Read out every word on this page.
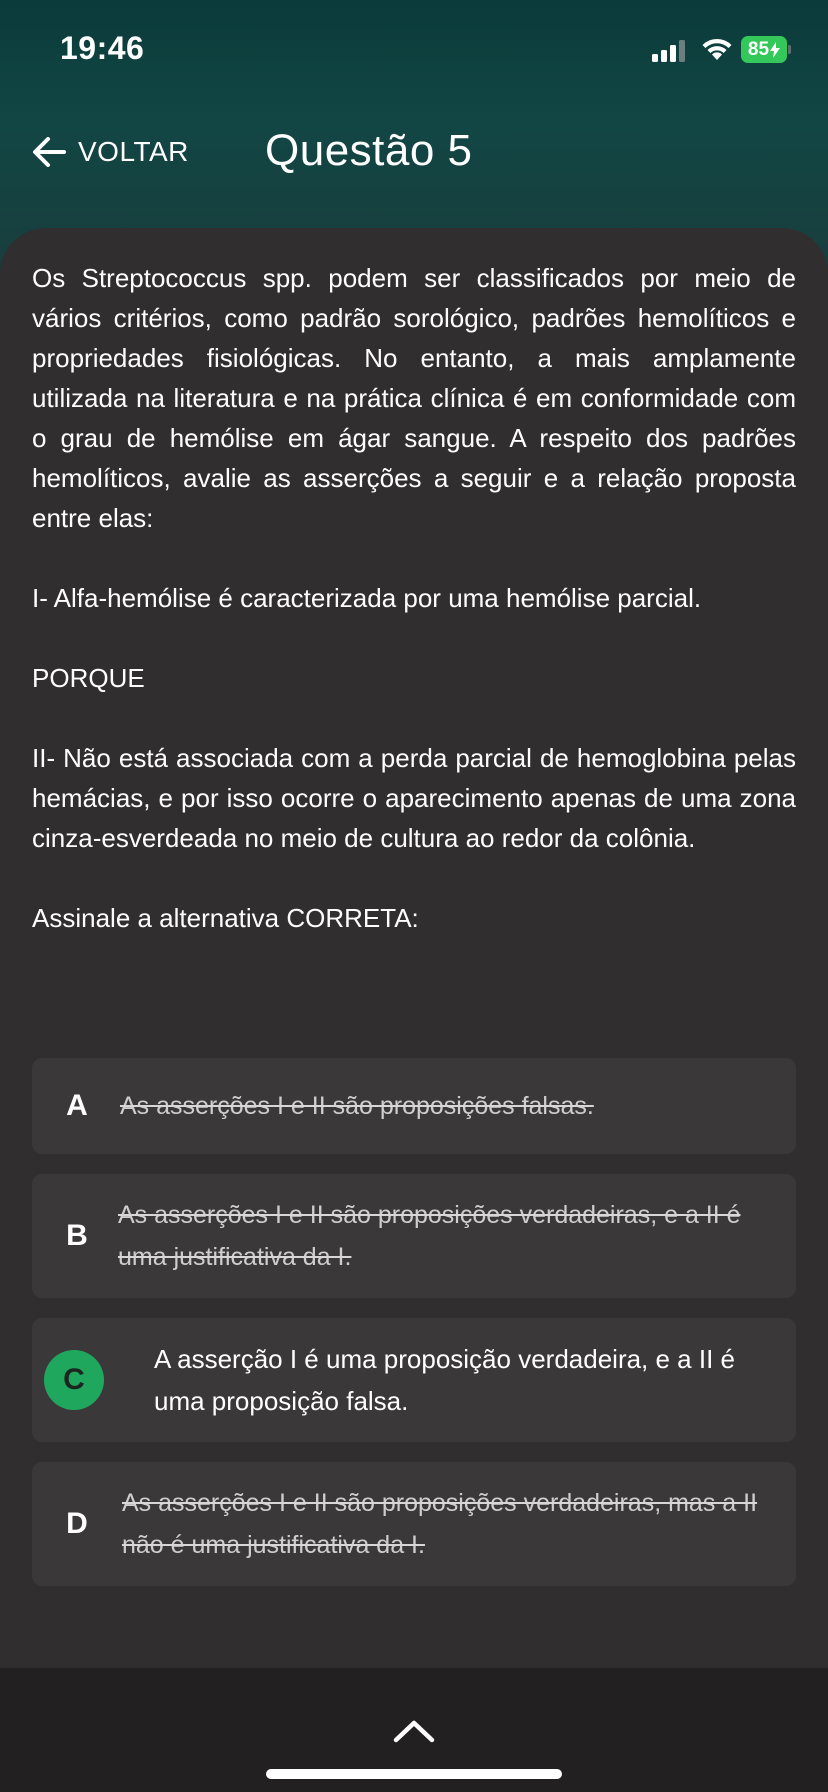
19:46	85
VOLTAR Questão 5

Os Streptococcus spp. podem ser classificados por meio de vários critérios, como padrão sorológico, padrões hemolíticos e propriedades fisiológicas. No entanto, a mais amplamente utilizada na literatura e na prática clínica é em conformidade com o grau de hemólise em ágar sangue. A respeito dos padrões hemolíticos, avalie as asserções a seguir e a relação proposta entre elas:

I- Alfa-hemólise é caracterizada por uma hemólise parcial.

PORQUE

II- Não está associada com a perda parcial de hemoglobina pelas hemácias, e por isso ocorre o aparecimento apenas de uma zona cinza-esverdeada no meio de cultura ao redor da colônia.

Assinale a alternativa CORRETA:

A As asserções I e II são proposições falsas.
B
As asserções I e II são proposições verdadeiras, e a II é uma justificativa da I.
C
A asserção I é uma proposição verdadeira, e a II é uma proposição falsa.
D
As asserções I e II são proposições verdadeiras, mas a II não é uma justificativa da I.
